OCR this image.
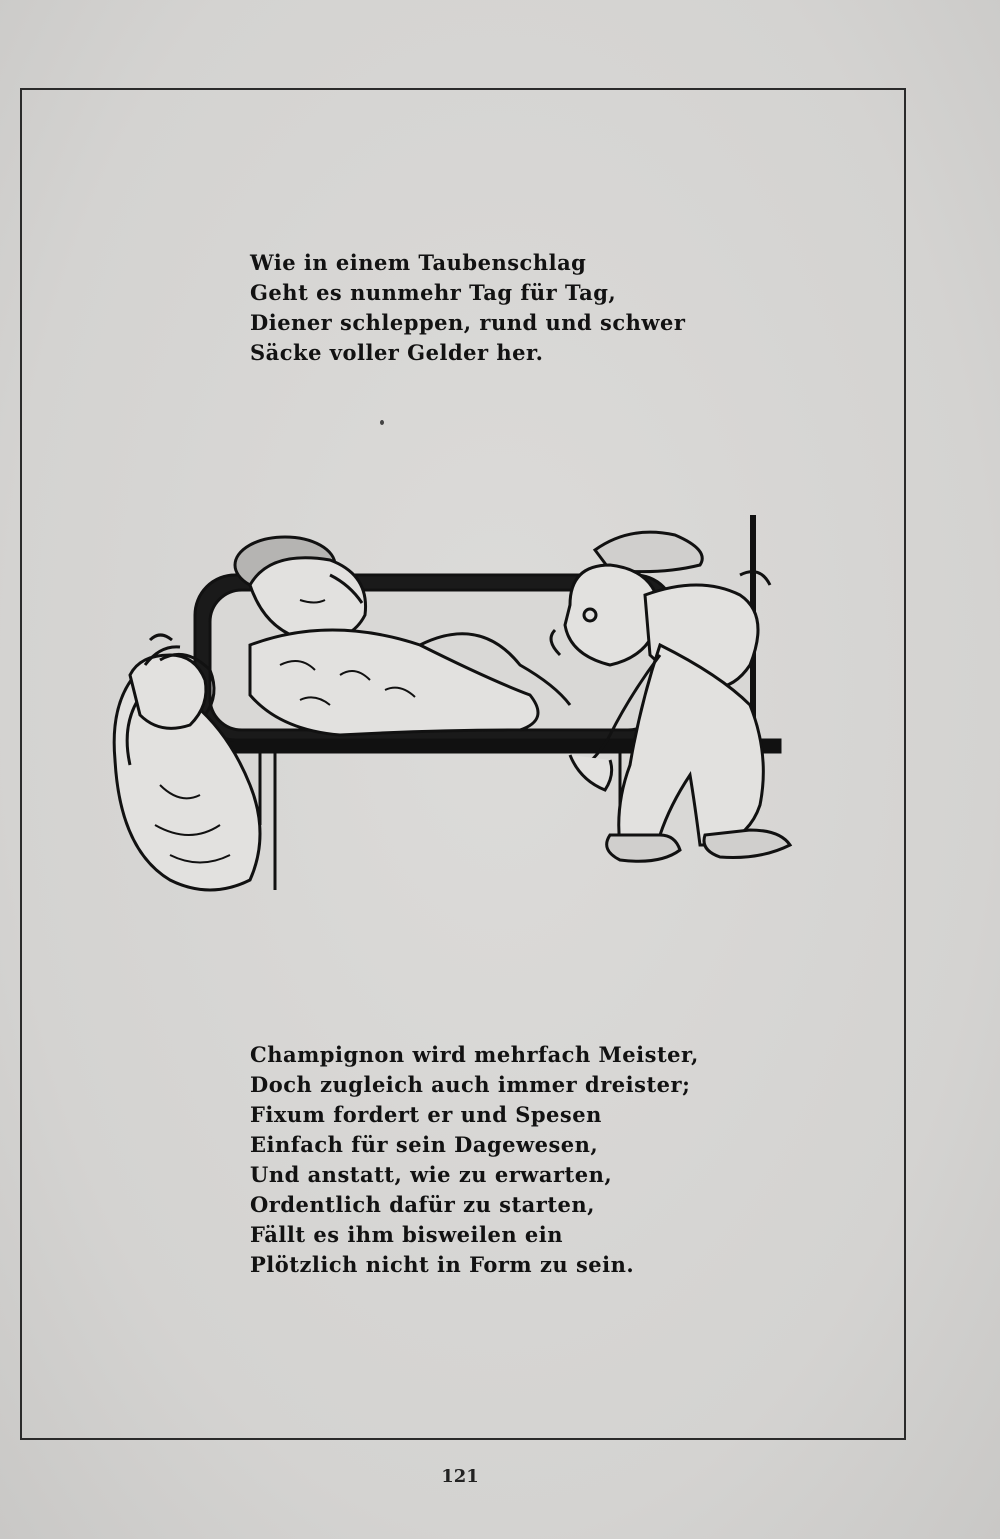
Wie in einem Taubenschlag
Geht es nunmehr Tag für Tag,
Diener schleppen, rund und schwer
Säcke voller Gelder her.
Champignon wird mehrfach Meister,
Doch zugleich auch immer dreister;
Fixum fordert er und Spesen
Einfach für sein Dagewesen,
Und anstatt, wie zu erwarten,
Ordentlich dafür zu starten,
Fällt es ihm bisweilen ein
Plötzlich nicht in Form zu sein.
121
